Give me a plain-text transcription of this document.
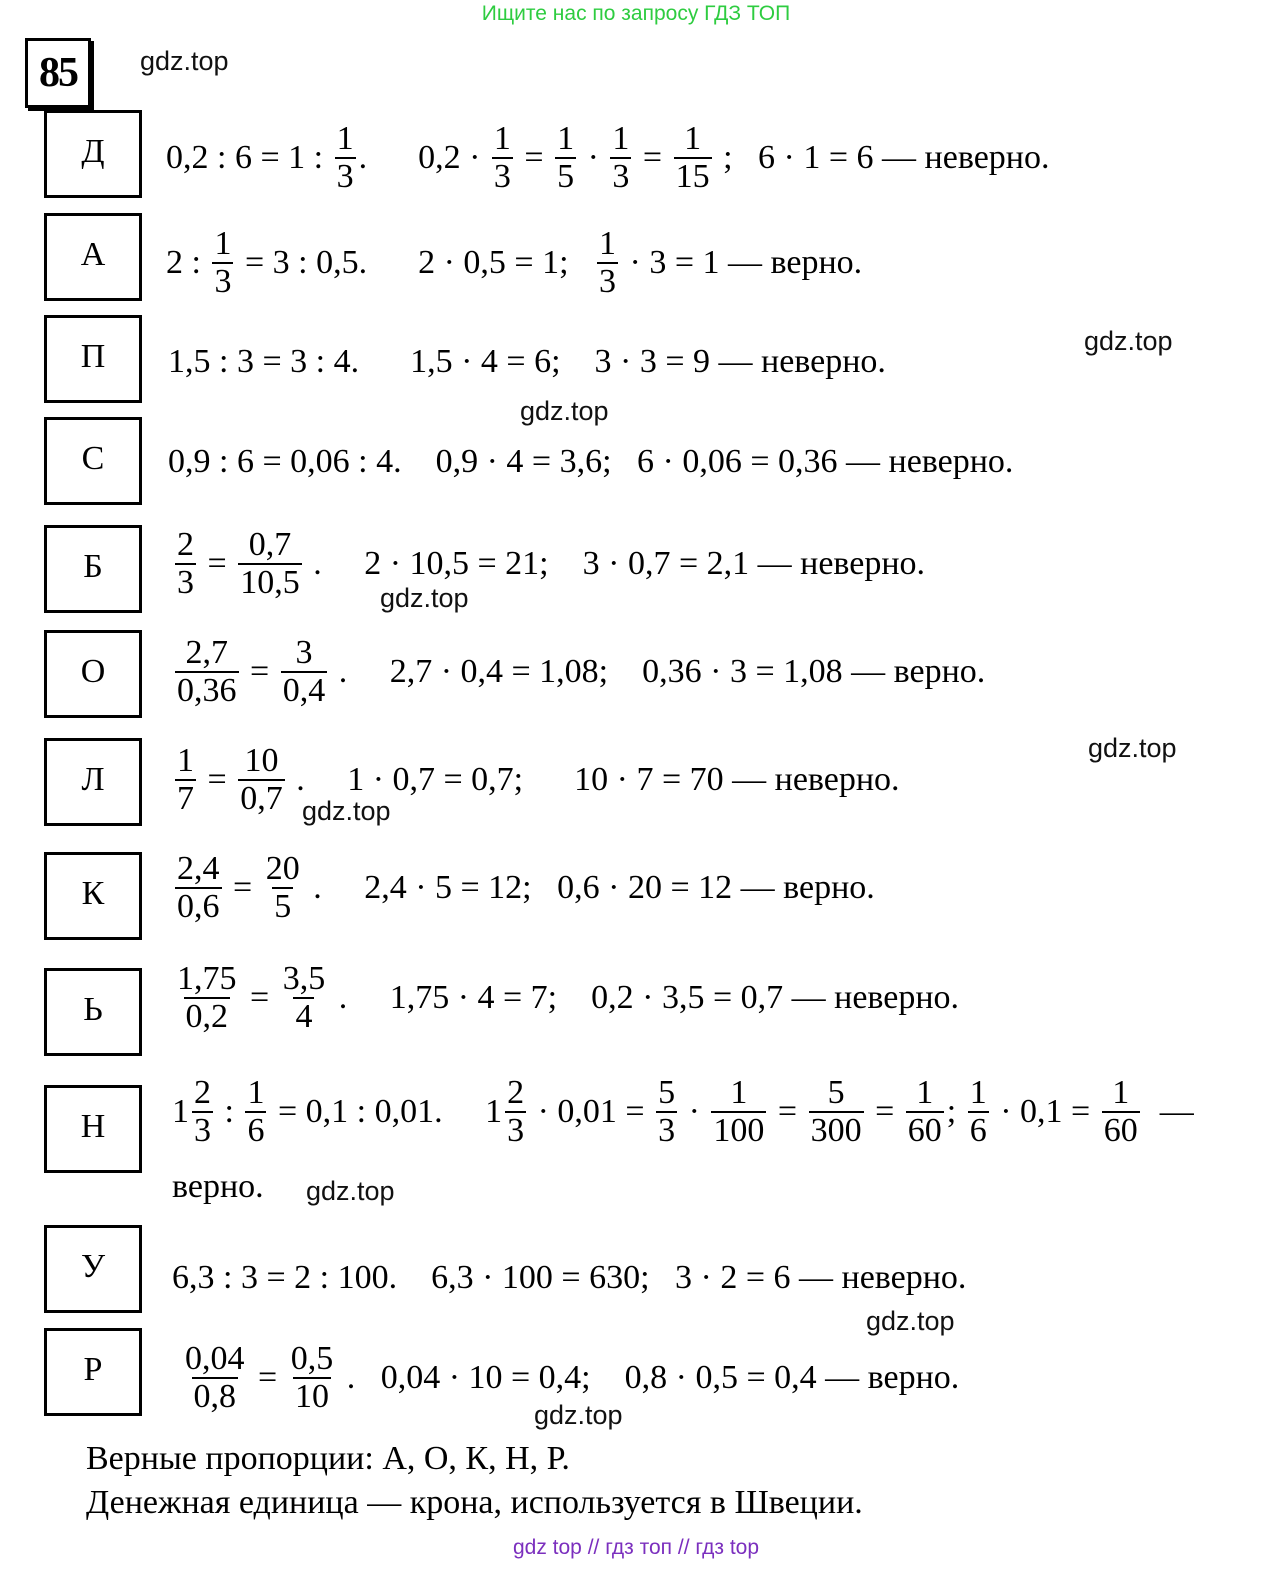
Ищите нас по запросу ГДЗ ТОП
85	gdz.top
Д	0,2 : 6 = 1 : $\frac{1}{3}$ .      $0,2 \cdot \frac{1}{3} = \frac{1}{5} \cdot \frac{1}{3} = \frac{1}{15}$ ;   6 · 1 = 6 — неверно.
А	2 : $\frac{1}{3} = 3$ : 0,5.      2 · 0,5 = 1; $\frac{1}{3} \cdot 3 = 1$ — верно.
П	1,5 : 3 = 3 : 4.      1,5 · 4 = 6;    3 · 3 = 9 — неверно.
gdz.top
gdz.top
С	0,9 : 6 = 0,06 : 4.    0,9 · 4 = 3,6;   6 · 0,06 = 0,36 — неверно.
Б	$\frac{2}{3} = \frac{0,7}{10,5}$ .     2 · 10,5 = 21;    3 · 0,7 = 2,1 — неверно.
gdz.top
О	$\frac{2,7}{0,36} = \frac{3}{0,4}$ .     2,7 · 0,4 = 1,08;    0,36 · 3 = 1,08 — верно.
Л	$\frac{1}{7} = \frac{10}{0,7}$ .     1 · 0,7 = 0,7;      10 · 7 = 70 — неверно.
gdz.top
gdz.top
К	$\frac{2,4}{0,6} = \frac{20}{5}$ .     2,4 · 5 = 12;   0,6 · 20 = 12 — верно.
Ь	$\frac{1,75}{0,2} = \frac{3,5}{4}$ .     1,75 · 4 = 7;    0,2 · 3,5 = 0,7 — неверно.
Н	$1 \frac{2}{3}$ : $\frac{1}{6} = 0,1$ : 0,01.     $1 \frac{2}{3} \cdot 0,01 = \frac{5}{3} \cdot \frac{1}{100} = \frac{5}{300} = \frac{1}{60}$ ; $\frac{1}{6} \cdot 0,1 = \frac{1}{60}$ —
верно. gdz.top
У	6,3 : 3 = 2 : 100.    6,3 · 100 = 630;   3 · 2 = 6 — неверно.
gdz.top
Р	$\frac{0,04}{0,8} = \frac{0,5}{10}$ .   0,04 · 10 = 0,4;    0,8 · 0,5 = 0,4 — верно.
gdz.top
Верные пропорции: А, О, К, Н, Р.
Денежная единица — крона, используется в Швеции.
gdz top // гдз топ // гдз top
